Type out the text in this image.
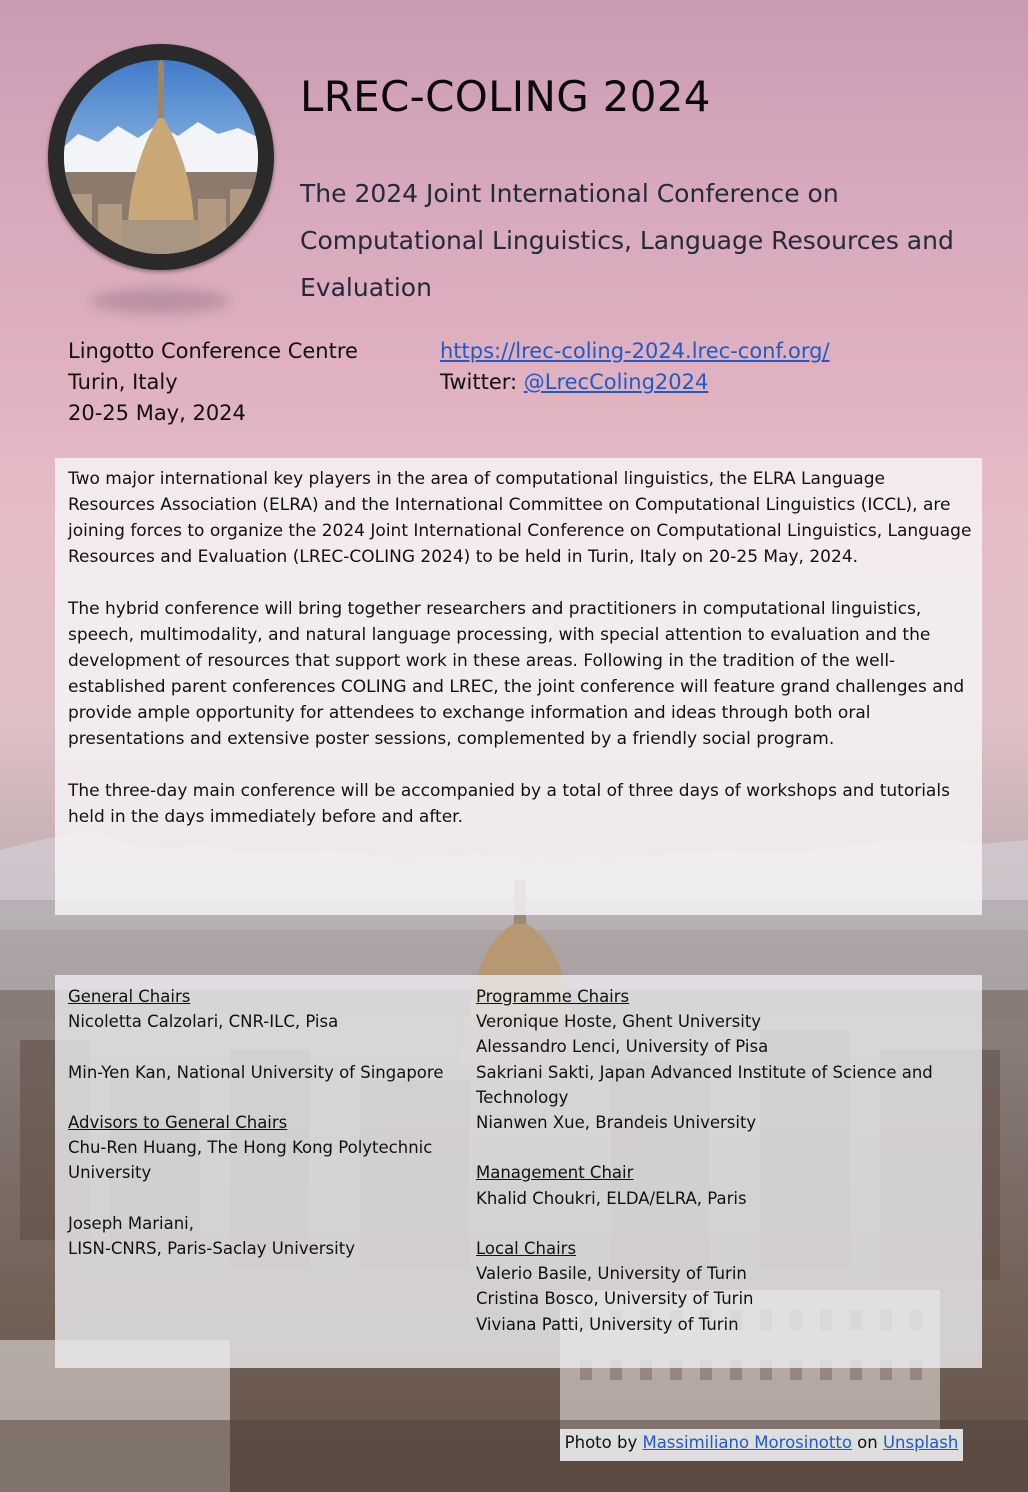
LREC-COLING 2024
The 2024 Joint International Conference on Computational Linguistics, Language Resources and Evaluation
Lingotto Conference Centre
Turin, Italy
20-25 May, 2024
https://lrec-coling-2024.lrec-conf.org/
Twitter: @LrecColing2024

Two major international key players in the area of computational linguistics, the ELRA Language Resources Association (ELRA) and the International Committee on Computational Linguistics (ICCL), are joining forces to organize the 2024 Joint International Conference on Computational Linguistics, Language Resources and Evaluation (LREC-COLING 2024) to be held in Turin, Italy on 20-25 May, 2024.

The hybrid conference will bring together researchers and practitioners in computational linguistics, speech, multimodality, and natural language processing, with special attention to evaluation and the development of resources that support work in these areas. Following in the tradition of the well-established parent conferences COLING and LREC, the joint conference will feature grand challenges and provide ample opportunity for attendees to exchange information and ideas through both oral presentations and extensive poster sessions, complemented by a friendly social program.

The three-day main conference will be accompanied by a total of three days of workshops and tutorials held in the days immediately before and after.

General Chairs
Nicoletta Calzolari, CNR-ILC, Pisa
Min-Yen Kan, National University of Singapore
Advisors to General Chairs
Chu-Ren Huang, The Hong Kong Polytechnic University
Joseph Mariani,
LISN-CNRS, Paris-Saclay University
Programme Chairs
Veronique Hoste, Ghent University
Alessandro Lenci, University of Pisa
Sakriani Sakti, Japan Advanced Institute of Science and Technology
Nianwen Xue, Brandeis University
Management Chair
Khalid Choukri, ELDA/ELRA, Paris
Local Chairs
Valerio Basile, University of Turin
Cristina Bosco, University of Turin
Viviana Patti, University of Turin
Photo by Massimiliano Morosinotto on Unsplash
